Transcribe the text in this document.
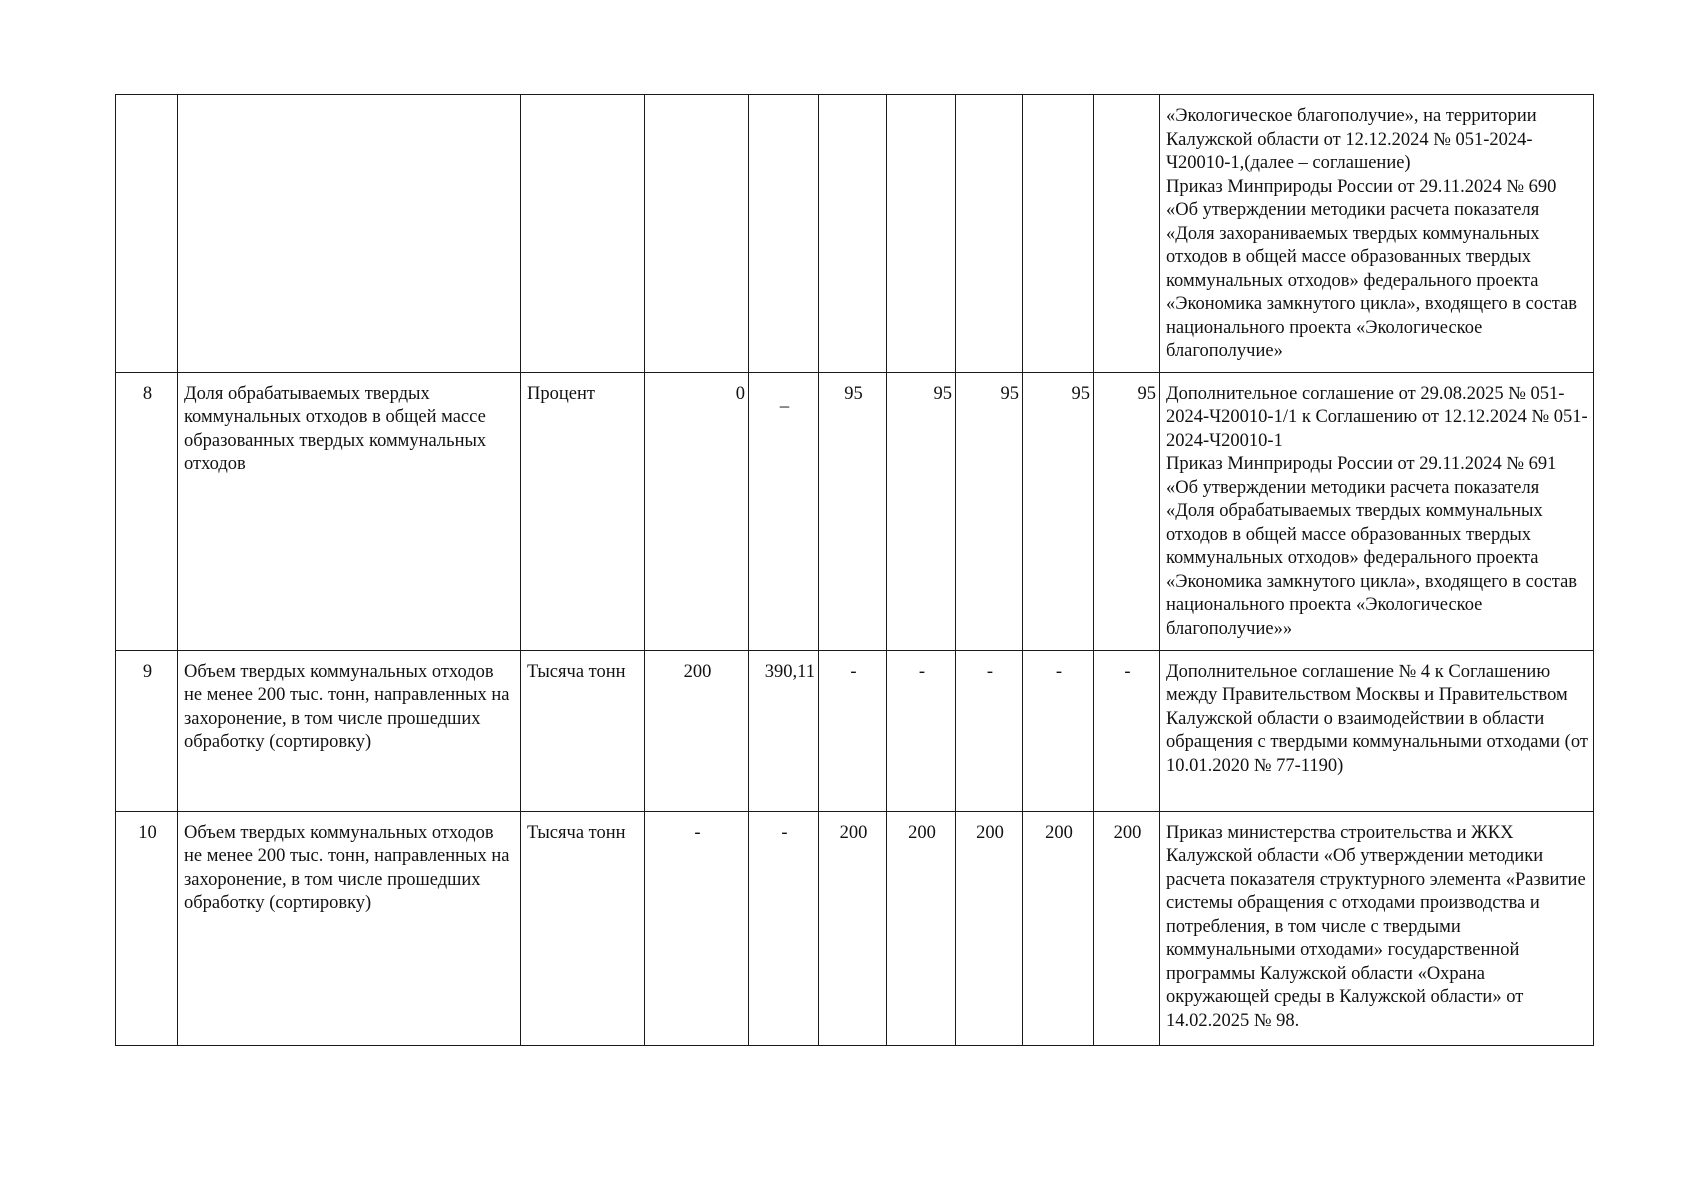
										«Экологическое благополучие», на территории Калужской области от 12.12.2024 № 051-2024-Ч20010-1,(далее – соглашение)
Приказ Минприроды России от 29.11.2024 № 690 «Об утверждении методики расчета показателя «Доля захораниваемых твердых коммунальных отходов в общей массе образованных твердых коммунальных отходов» федерального проекта «Экономика замкнутого цикла», входящего в состав национального проекта «Экологическое благополучие»
8	Доля обрабатываемых твердых коммунальных отходов в общей массе образованных твердых коммунальных отходов	Процент	0	_	95	95	95	95	95	Дополнительное соглашение от 29.08.2025 № 051-2024-Ч20010-1/1 к Соглашению от 12.12.2024 № 051-2024-Ч20010-1
Приказ Минприроды России от 29.11.2024 № 691 «Об утверждении методики расчета показателя «Доля обрабатываемых твердых коммунальных отходов в общей массе образованных твердых коммунальных отходов» федерального проекта «Экономика замкнутого цикла», входящего в состав национального проекта «Экологическое благополучие»»
9	Объем твердых коммунальных отходов не менее 200 тыс. тонн, направленных на захоронение, в том числе прошедших обработку (сортировку)	Тысяча тонн	200	390,11	-	-	-	-	-	Дополнительное соглашение № 4 к Соглашению между Правительством Москвы и Правительством Калужской области о взаимодействии в области обращения с твердыми коммунальными отходами (от 10.01.2020 № 77-1190)
10	Объем твердых коммунальных отходов не менее 200 тыс. тонн, направленных на захоронение, в том числе прошедших обработку (сортировку)	Тысяча тонн	-	-	200	200	200	200	200	Приказ министерства строительства и ЖКХ Калужской области «Об утверждении методики расчета показателя структурного элемента «Развитие системы обращения с отходами производства и потребления, в том числе с твердыми коммунальными отходами» государственной программы Калужской области «Охрана окружающей среды в Калужской области» от 14.02.2025 № 98.
